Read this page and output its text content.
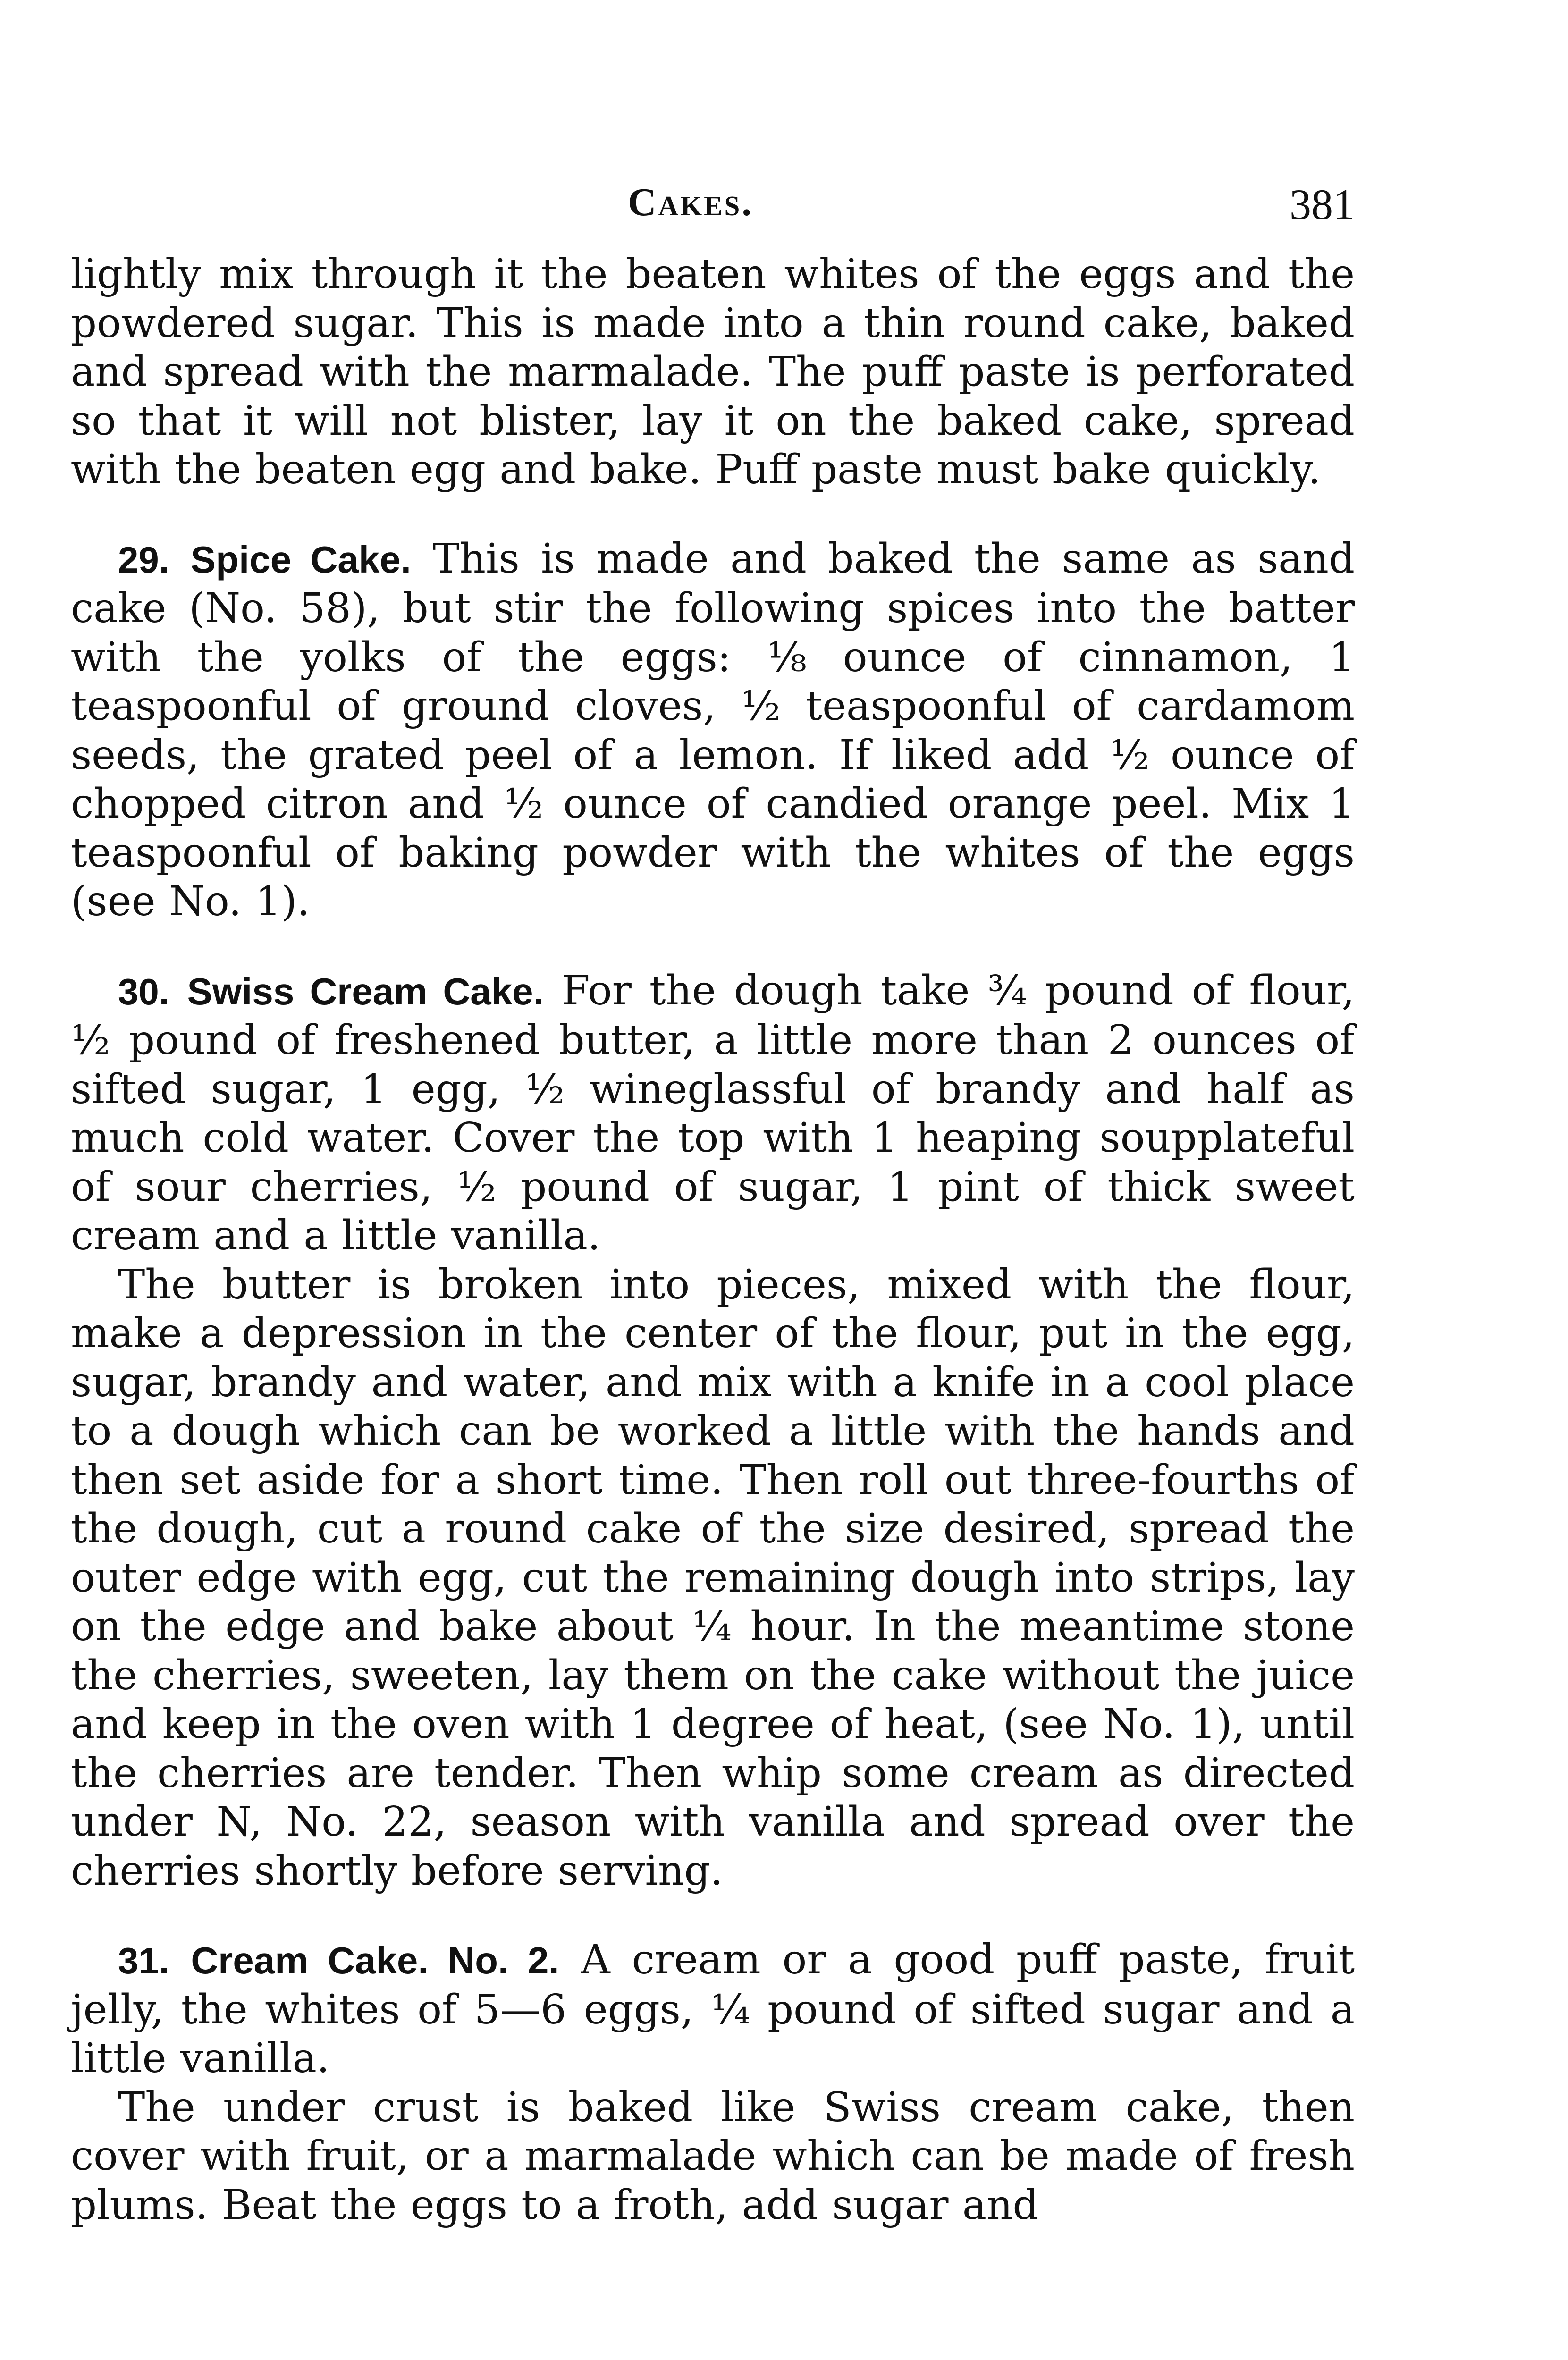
Cakes.	381

lightly mix through it the beaten whites of the eggs and the powdered sugar. This is made into a thin round cake, baked and spread with the marmalade. The puff paste is perforated so that it will not blister, lay it on the baked cake, spread with the beaten egg and bake. Puff paste must bake quickly.

29. Spice Cake. This is made and baked the same as sand cake (No. 58), but stir the following spices into the batter with the yolks of the eggs: ⅛ ounce of cinnamon, 1 teaspoonful of ground cloves, ½ teaspoonful of cardamom seeds, the grated peel of a lemon. If liked add ½ ounce of chopped citron and ½ ounce of candied orange peel. Mix 1 teaspoonful of baking powder with the whites of the eggs (see No. 1).

30. Swiss Cream Cake. For the dough take ¾ pound of flour, ½ pound of freshened butter, a little more than 2 ounces of sifted sugar, 1 egg, ½ wineglassful of brandy and half as much cold water. Cover the top with 1 heaping soupplateful of sour cherries, ½ pound of sugar, 1 pint of thick sweet cream and a little vanilla.

The butter is broken into pieces, mixed with the flour, make a depression in the center of the flour, put in the egg, sugar, brandy and water, and mix with a knife in a cool place to a dough which can be worked a little with the hands and then set aside for a short time. Then roll out three-fourths of the dough, cut a round cake of the size desired, spread the outer edge with egg, cut the remaining dough into strips, lay on the edge and bake about ¼ hour. In the meantime stone the cherries, sweeten, lay them on the cake without the juice and keep in the oven with 1 degree of heat, (see No. 1), until the cherries are tender. Then whip some cream as directed under N, No. 22, season with vanilla and spread over the cherries shortly before serving.

31. Cream Cake. No. 2. A cream or a good puff paste, fruit jelly, the whites of 5—6 eggs, ¼ pound of sifted sugar and a little vanilla.

The under crust is baked like Swiss cream cake, then cover with fruit, or a marmalade which can be made of fresh plums. Beat the eggs to a froth, add sugar and
